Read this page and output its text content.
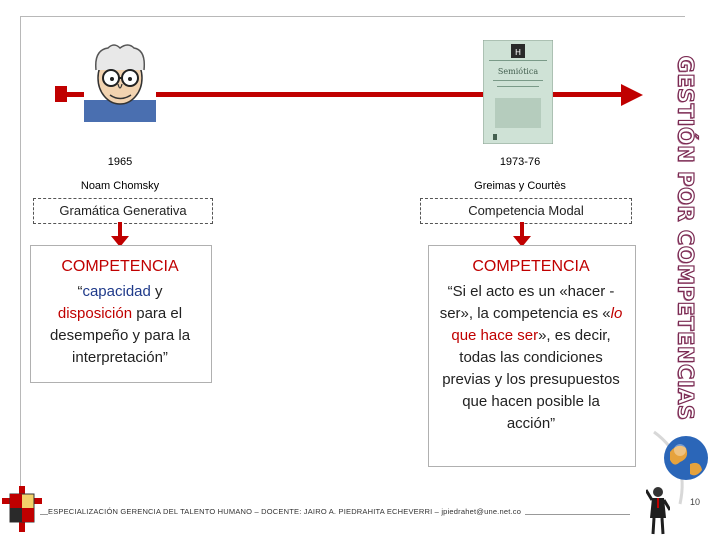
H
Semiótica
1965
Noam Chomsky
Gramática Generativa
COMPETENCIA
“capacidad y disposición para el desempeño y para la interpretación”
1973-76
Greimas y Courtès
Competencia Modal
COMPETENCIA
“Si el acto es un «hacer -ser», la competencia es «lo que hace ser», es decir, todas las condiciones previas y los presupuestos que hacen posible la acción”
GESTIÓN POR COMPETENCIAS
ESPECIALIZACIÓN GERENCIA DEL TALENTO HUMANO – DOCENTE: JAIRO A. PIEDRAHITA ECHEVERRI – jpiedrahet@une.net.co
10
